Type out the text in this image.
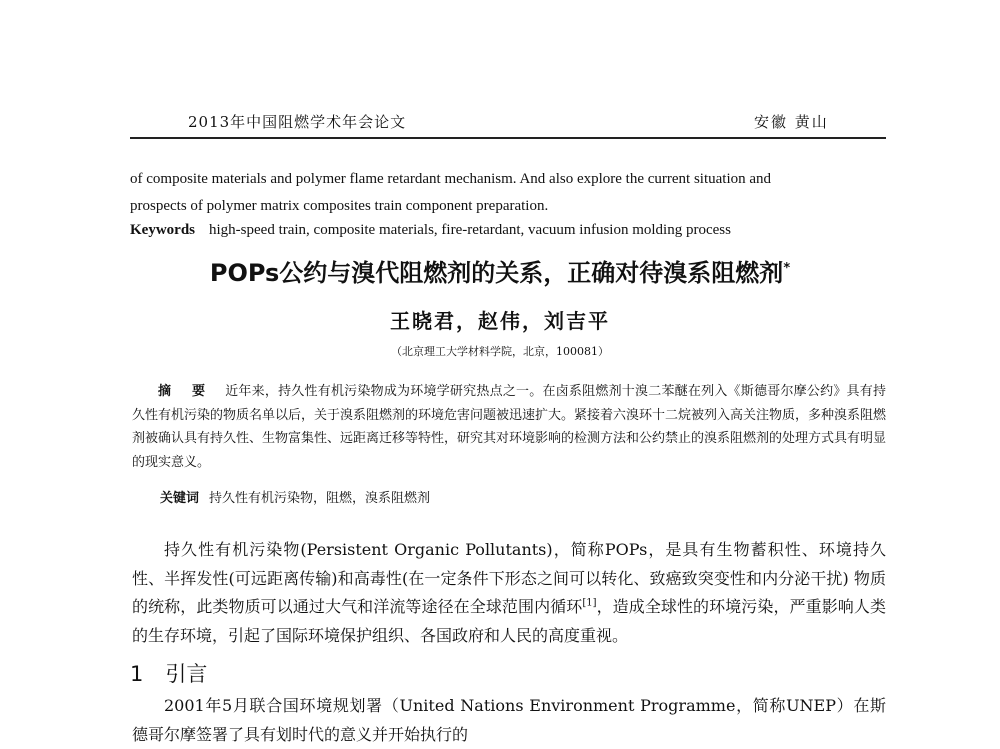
2013年中国阻燃学术年会论文	安徽 黄山
of composite materials and polymer flame retardant mechanism. And also explore the current situation and
prospects of polymer matrix composites train component preparation.
Keywords high-speed train, composite materials, fire-retardant, vacuum infusion molding process
POPs公约与溴代阻燃剂的关系，正确对待溴系阻燃剂*
王晓君，赵伟，刘吉平
（北京理工大学材料学院，北京，100081）
摘 要 近年来，持久性有机污染物成为环境学研究热点之一。在卤系阻燃剂十溴二苯醚在列入《斯德哥尔摩公约》具有持久性有机污染的物质名单以后，关于溴系阻燃剂的环境危害问题被迅速扩大。紧接着六溴环十二烷被列入高关注物质，多种溴系阻燃剂被确认具有持久性、生物富集性、远距离迁移等特性，研究其对环境影响的检测方法和公约禁止的溴系阻燃剂的处理方式具有明显的现实意义。
关键词 持久性有机污染物，阻燃，溴系阻燃剂
持久性有机污染物(Persistent Organic Pollutants)，简称POPs，是具有生物蓄积性、环境持久性、半挥发性(可远距离传输)和高毒性(在一定条件下形态之间可以转化、致癌致突变性和内分泌干扰) 物质的统称，此类物质可以通过大气和洋流等途径在全球范围内循环[1]，造成全球性的环境污染，严重影响人类的生存环境，引起了国际环境保护组织、各国政府和人民的高度重视。
1 引言
2001年5月联合国环境规划署（United Nations Environment Programme，简称UNEP）在斯德哥尔摩签署了具有划时代的意义并开始执行的
